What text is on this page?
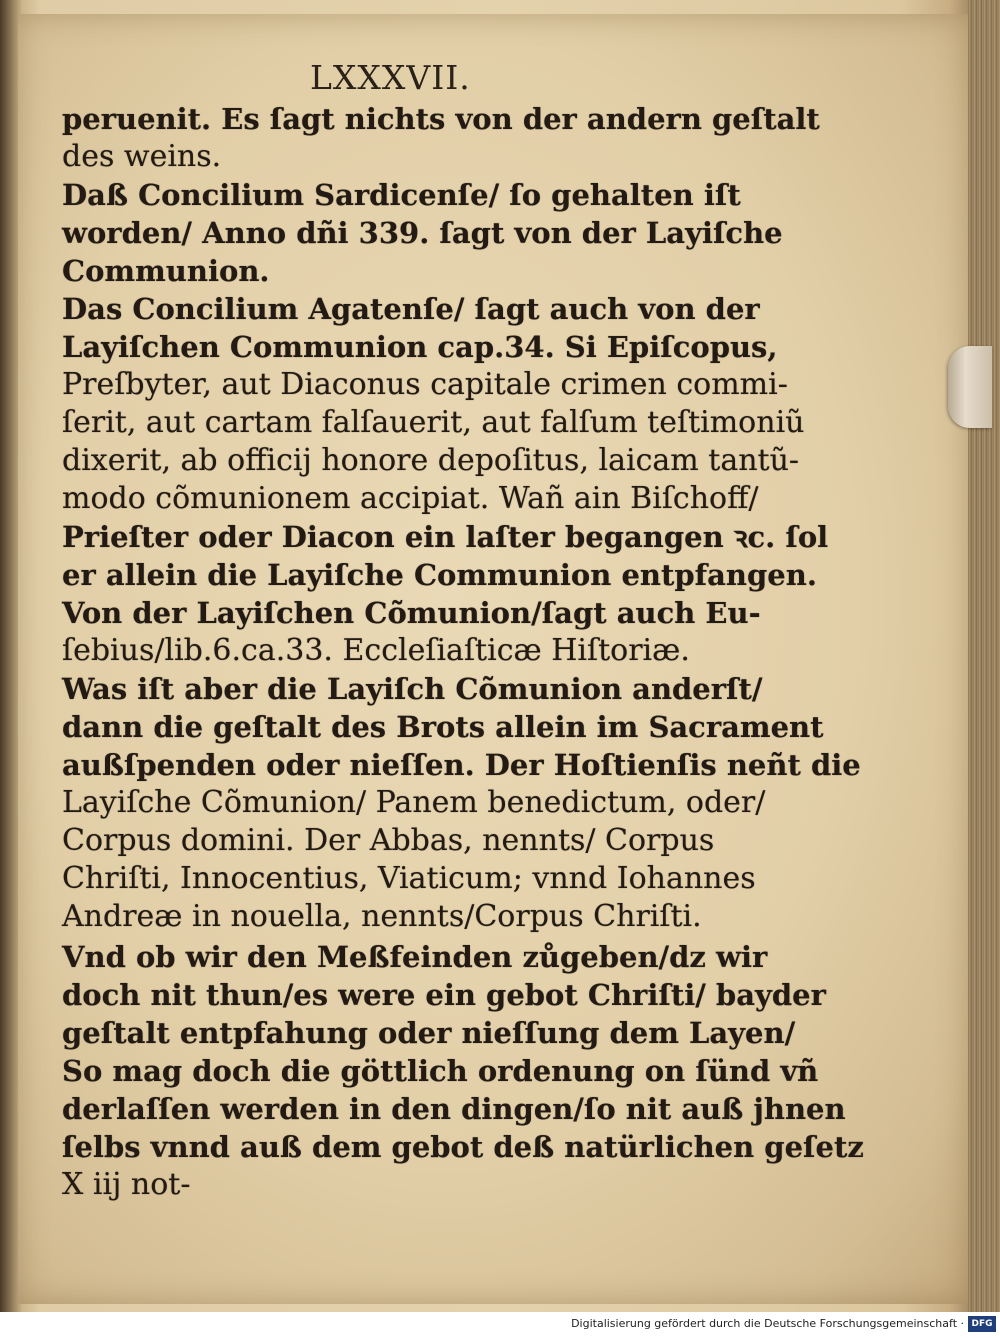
LXXXVII.
peruenit. Es ſagt nichts von der andern geſtalt
des weins.
Daß Concilium Sardicenſe/ ſo gehalten iſt
worden/ Anno dñi 339. ſagt von der Layiſche
Communion.
Das Concilium Agatenſe/ ſagt auch von der
Layiſchen Communion cap.34. Si Epiſcopus,
Preſbyter, aut Diaconus capitale crimen commi-
ſerit, aut cartam falſauerit, aut falſum teſtimoniũ
dixerit, ab officij honore depoſitus, laicam tantũ-
modo cõmunionem accipiat. Wañ ain Biſchoff/
Prieſter oder Diacon ein laſter begangen ꝛc. ſol
er allein die Layiſche Communion entpfangen.
Von der Layiſchen Cõmunion/ſagt auch Eu-
ſebius/lib.6.ca.33. Eccleſiaſticæ Hiſtoriæ.
Was iſt aber die Layiſch Cõmunion anderſt/
dann die geſtalt des Brots allein im Sacrament
außſpenden oder nieſſen. Der Hoſtienſis neñt die
Layiſche Cõmunion/ Panem benedictum, oder/
Corpus domini. Der Abbas, nennts/ Corpus
Chriſti, Innocentius, Viaticum; vnnd Iohannes
Andreæ in nouella, nennts/Corpus Chriſti.
Vnd ob wir den Meßfeinden zůgeben/dz wir
doch nit thun/es were ein gebot Chriſti/ bayder
geſtalt entpfahung oder nieſſung dem Layen/
So mag doch die göttlich ordenung on ſünd vñ
derlaſſen werden in den dingen/ſo nit auß jhnen
ſelbs vnnd auß dem gebot deß natürlichen geſetz
X iij not-
Digitalisierung gefördert durch die Deutsche Forschungsgemeinschaft · DFG
